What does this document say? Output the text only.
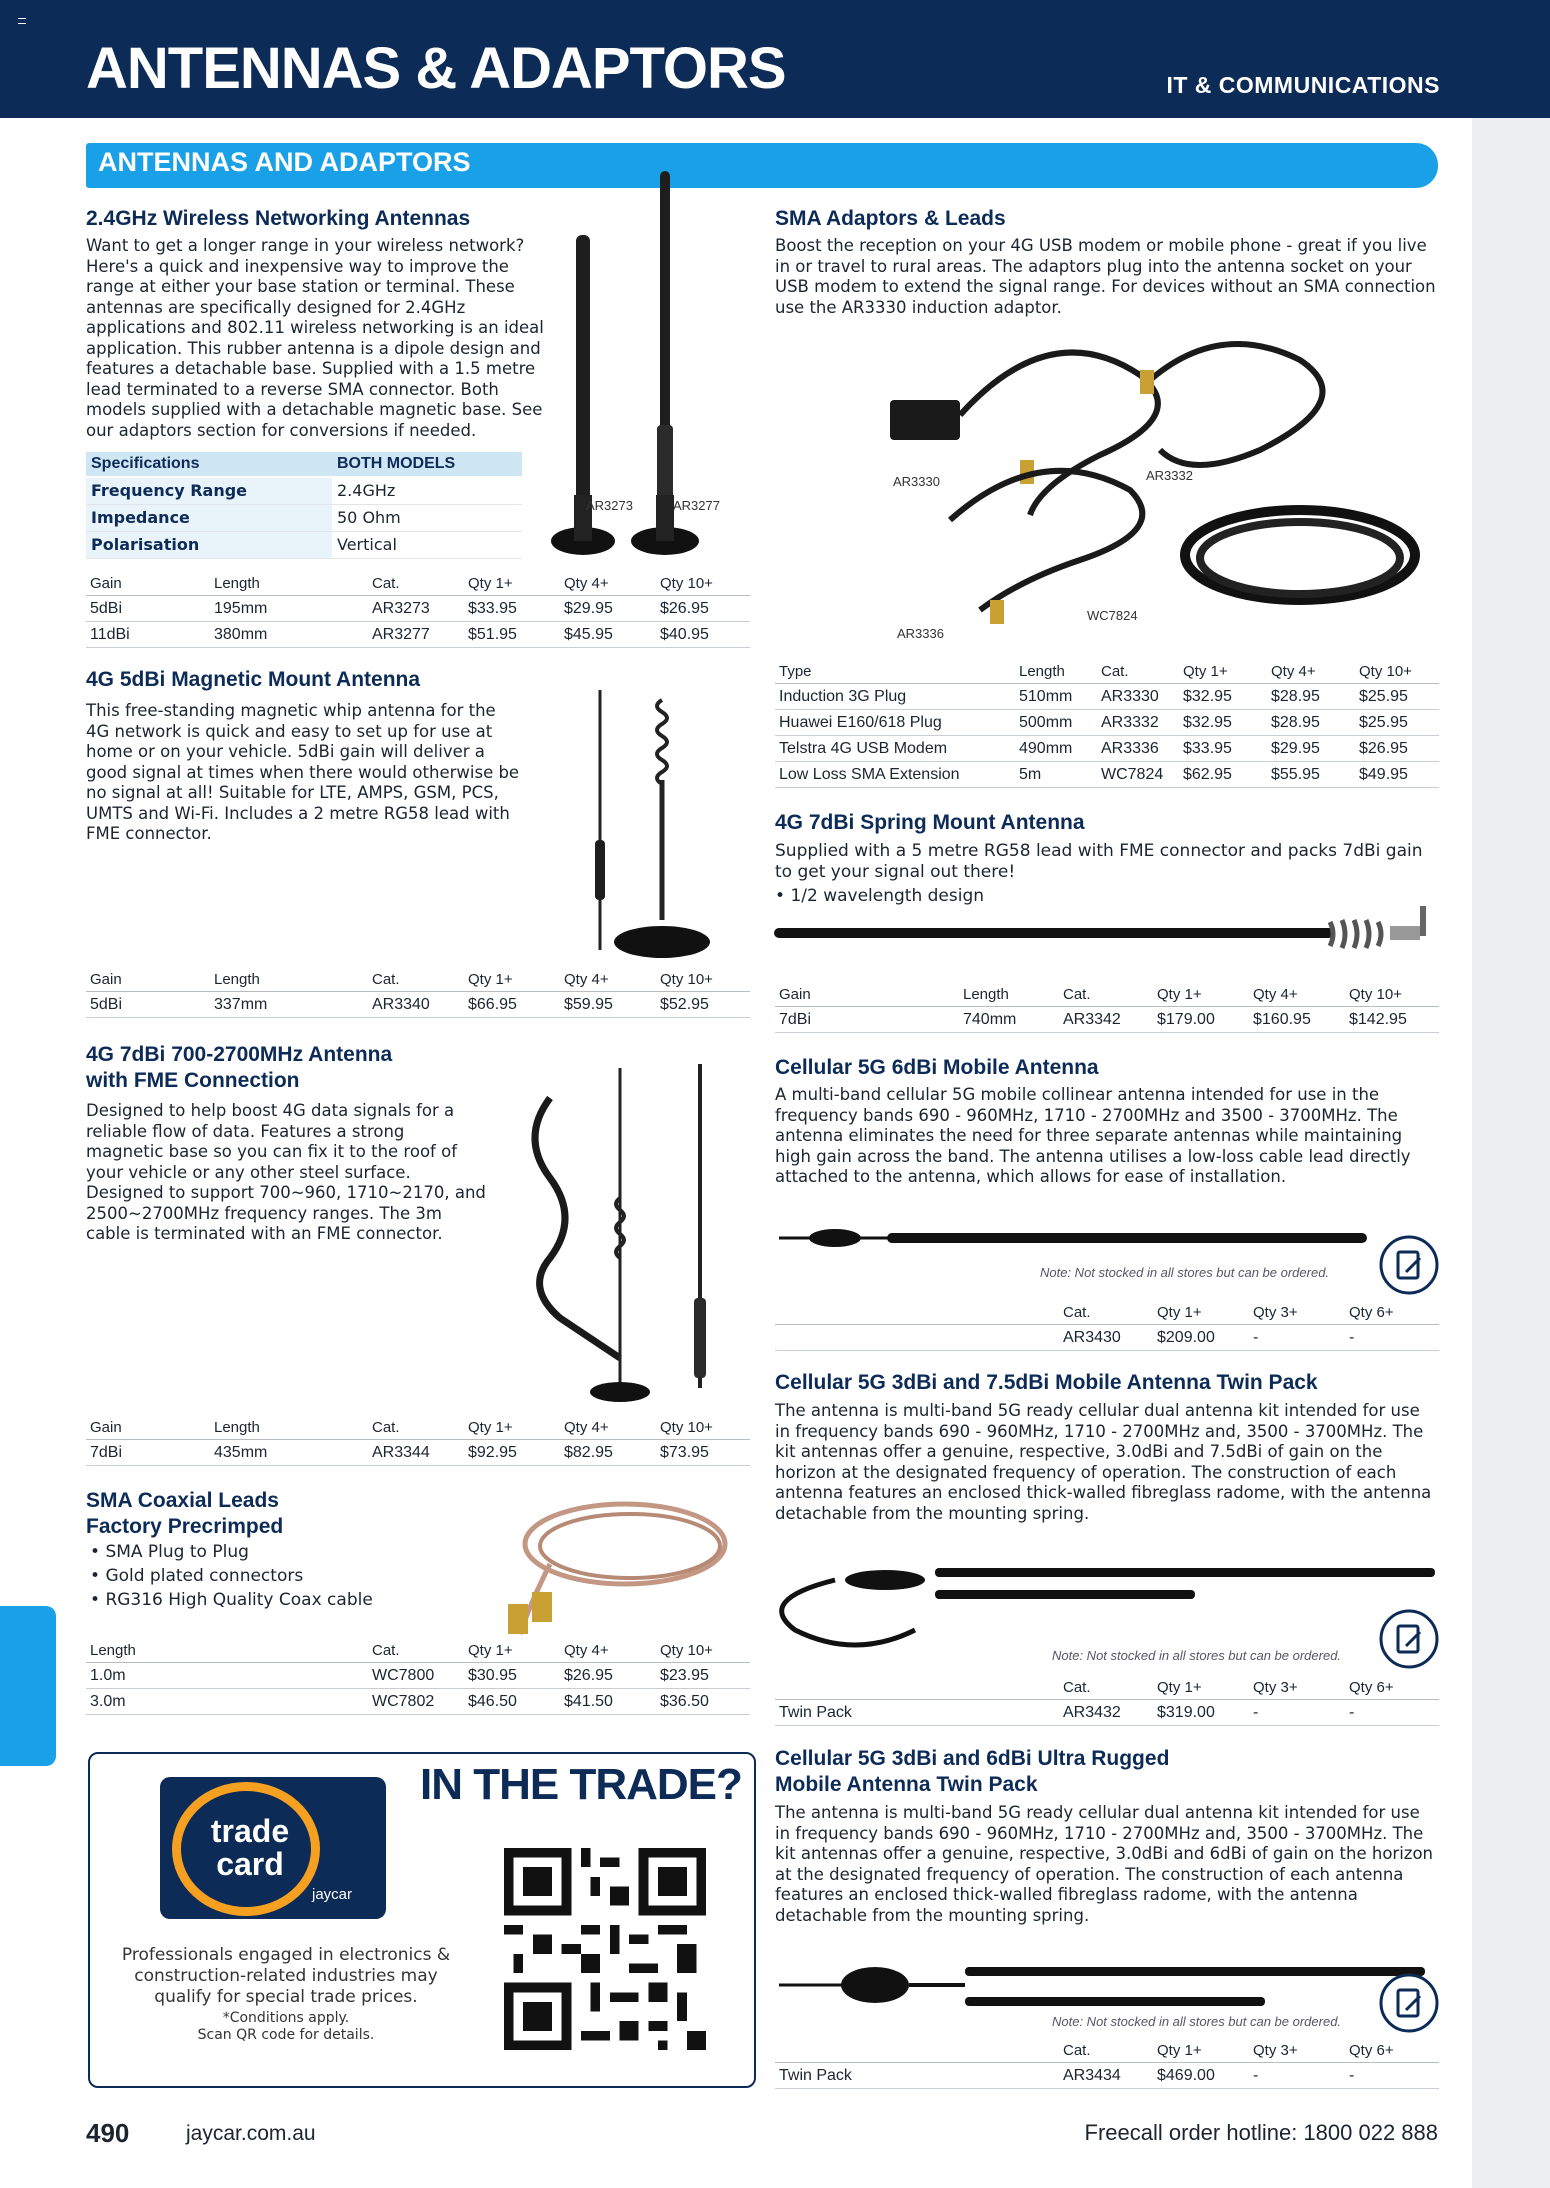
ANTENNAS & ADAPTORS	IT & COMMUNICATIONS
ANTENNAS AND ADAPTORS
2.4GHz Wireless Networking Antennas
Want to get a longer range in your wireless network? Here's a quick and inexpensive way to improve the range at either your base station or terminal. These antennas are specifically designed for 2.4GHz applications and 802.11 wireless networking is an ideal application. This rubber antenna is a dipole design and features a detachable base. Supplied with a 1.5 metre lead terminated to a reverse SMA connector. Both models supplied with a detachable magnetic base. See our adaptors section for conversions if needed.
Specifications	BOTH MODELS
Frequency Range	2.4GHz
Impedance	50 Ohm
Polarisation	Vertical
AR3273	AR3277
Gain	Length	Cat.	Qty 1+	Qty 4+	Qty 10+
5dBi	195mm	AR3273	$33.95	$29.95	$26.95
11dBi	380mm	AR3277	$51.95	$45.95	$40.95
4G 5dBi Magnetic Mount Antenna
This free-standing magnetic whip antenna for the 4G network is quick and easy to set up for use at home or on your vehicle. 5dBi gain will deliver a good signal at times when there would otherwise be no signal at all! Suitable for LTE, AMPS, GSM, PCS, UMTS and Wi-Fi. Includes a 2 metre RG58 lead with FME connector.
Gain	Length	Cat.	Qty 1+	Qty 4+	Qty 10+
5dBi	337mm	AR3340	$66.95	$59.95	$52.95
4G 7dBi 700-2700MHz Antenna
with FME Connection
Designed to help boost 4G data signals for a reliable flow of data. Features a strong magnetic base so you can fix it to the roof of your vehicle or any other steel surface. Designed to support 700~960, 1710~2170, and 2500~2700MHz frequency ranges. The 3m cable is terminated with an FME connector.
Gain	Length	Cat.	Qty 1+	Qty 4+	Qty 10+
7dBi	435mm	AR3344	$92.95	$82.95	$73.95
SMA Coaxial Leads
Factory Precrimped
• SMA Plug to Plug
• Gold plated connectors
• RG316 High Quality Coax cable
Length	Cat.	Qty 1+	Qty 4+	Qty 10+
1.0m	WC7800	$30.95	$26.95	$23.95
3.0m	WC7802	$46.50	$41.50	$36.50
trade
card
jaycar
IN THE TRADE?
Professionals engaged in electronics & construction-related industries may qualify for special trade prices.
*Conditions apply.
Scan QR code for details.
SMA Adaptors & Leads
Boost the reception on your 4G USB modem or mobile phone - great if you live in or travel to rural areas. The adaptors plug into the antenna socket on your USB modem to extend the signal range. For devices without an SMA connection use the AR3330 induction adaptor.
AR3330	AR3332
AR3336
WC7824
Type	Length	Cat.	Qty 1+	Qty 4+	Qty 10+
Induction 3G Plug	510mm	AR3330	$32.95	$28.95	$25.95
Huawei E160/618 Plug	500mm	AR3332	$32.95	$28.95	$25.95
Telstra 4G USB Modem	490mm	AR3336	$33.95	$29.95	$26.95
Low Loss SMA Extension	5m	WC7824	$62.95	$55.95	$49.95
4G 7dBi Spring Mount Antenna
Supplied with a 5 metre RG58 lead with FME connector and packs 7dBi gain to get your signal out there!
• 1/2 wavelength design
Gain	Length	Cat.	Qty 1+	Qty 4+	Qty 10+
7dBi	740mm	AR3342	$179.00	$160.95	$142.95
Cellular 5G 6dBi Mobile Antenna
A multi-band cellular 5G mobile collinear antenna intended for use in the frequency bands 690 - 960MHz, 1710 - 2700MHz and 3500 - 3700MHz. The antenna eliminates the need for three separate antennas while maintaining high gain across the band. The antenna utilises a low-loss cable lead directly attached to the antenna, which allows for ease of installation.
Note: Not stocked in all stores but can be ordered.
	Cat.	Qty 1+	Qty 3+	Qty 6+
	AR3430	$209.00	-	-
Cellular 5G 3dBi and 7.5dBi Mobile Antenna Twin Pack
The antenna is multi-band 5G ready cellular dual antenna kit intended for use in frequency bands 690 - 960MHz, 1710 - 2700MHz and, 3500 - 3700MHz. The kit antennas offer a genuine, respective, 3.0dBi and 7.5dBi of gain on the horizon at the designated frequency of operation. The construction of each antenna features an enclosed thick-walled fibreglass radome, with the antenna detachable from the mounting spring.
Note: Not stocked in all stores but can be ordered.
	Cat.	Qty 1+	Qty 3+	Qty 6+
Twin Pack	AR3432	$319.00	-	-
Cellular 5G 3dBi and 6dBi Ultra Rugged
Mobile Antenna Twin Pack
The antenna is multi-band 5G ready cellular dual antenna kit intended for use in frequency bands 690 - 960MHz, 1710 - 2700MHz and, 3500 - 3700MHz. The kit antennas offer a genuine, respective, 3.0dBi and 6dBi of gain on the horizon at the designated frequency of operation. The construction of each antenna features an enclosed thick-walled fibreglass radome, with the antenna detachable from the mounting spring.
Note: Not stocked in all stores but can be ordered.
	Cat.	Qty 1+	Qty 3+	Qty 6+
Twin Pack	AR3434	$469.00	-	-
490	jaycar.com.au	Freecall order hotline: 1800 022 888
